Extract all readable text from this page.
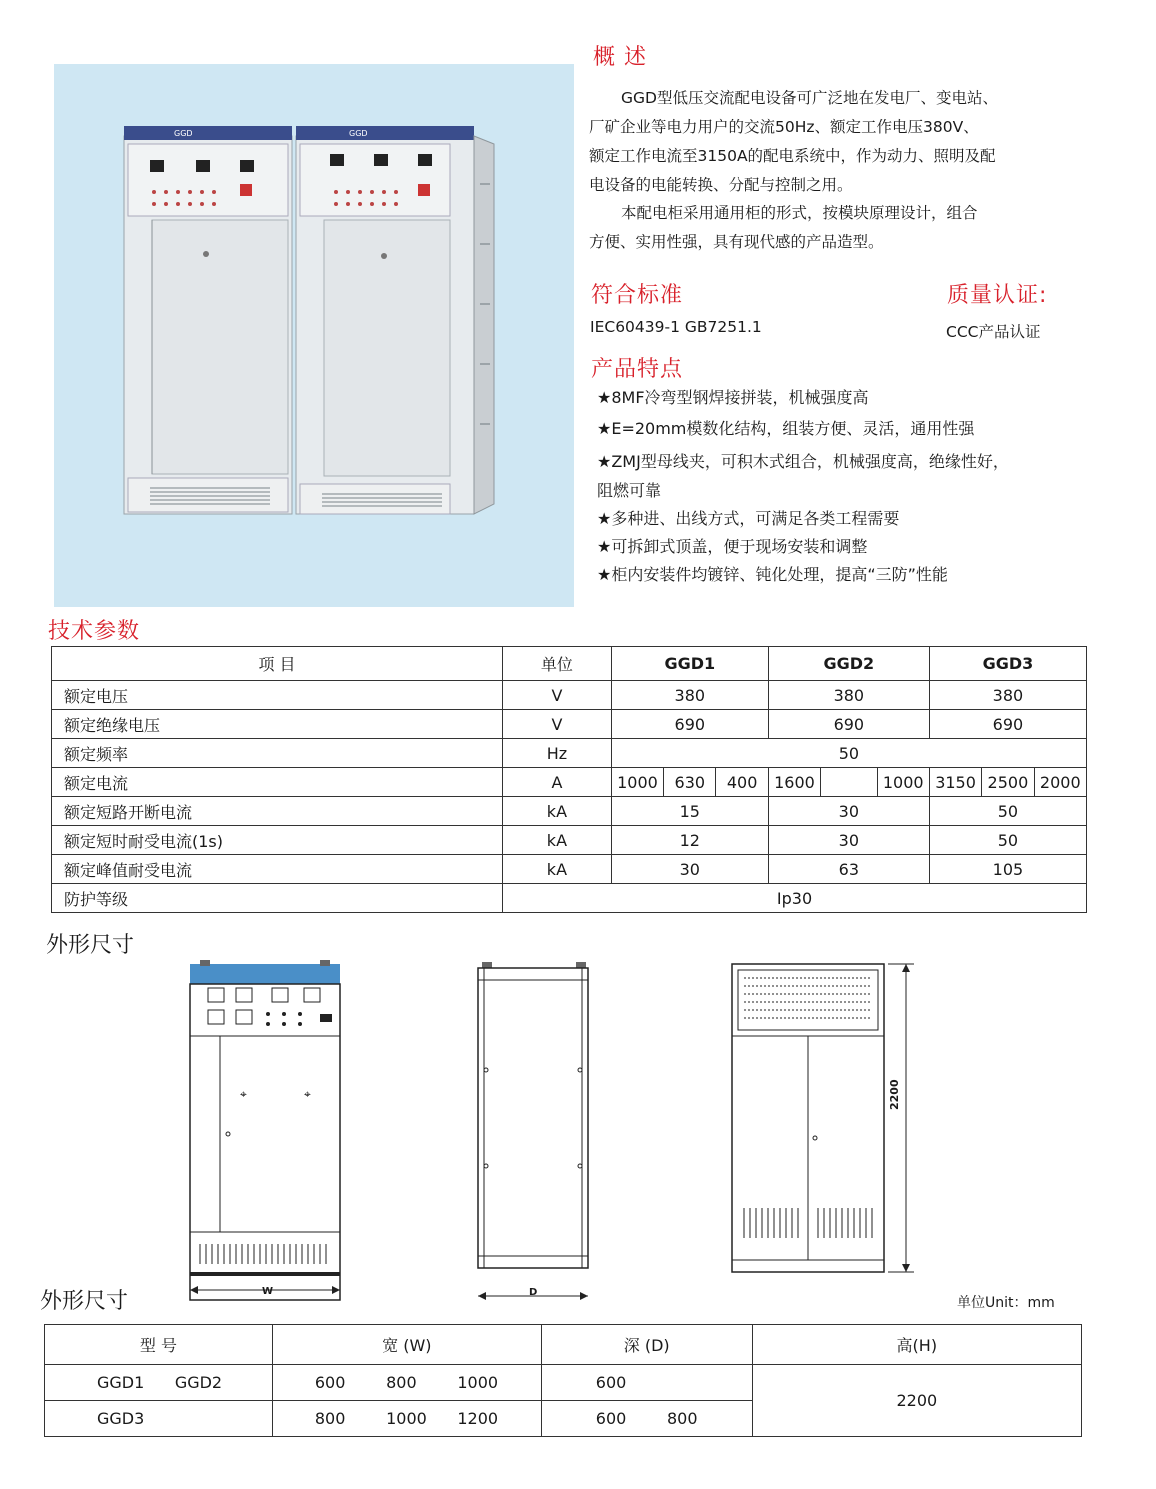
GGD	GGD
概 述
GGD型低压交流配电设备可广泛地在发电厂、变电站、
厂矿企业等电力用户的交流50Hz、额定工作电压380V、
额定工作电流至3150A的配电系统中，作为动力、照明及配
电设备的电能转换、分配与控制之用。
本配电柜采用通用柜的形式，按模块原理设计，组合
方便、实用性强，具有现代感的产品造型。
符合标准
IEC60439-1 GB7251.1
质量认证:
CCC产品认证
产品特点
★8MF冷弯型钢焊接拼装，机械强度高
★E=20mm模数化结构，组装方便、灵活，通用性强
★ZMJ型母线夹，可积木式组合，机械强度高，绝缘性好，
阻燃可靠
★多种进、出线方式，可满足各类工程需要
★可拆卸式顶盖，便于现场安装和调整
★柜内安装件均镀锌、钝化处理，提高“三防”性能
技术参数
项 目	单位	GGD1			GGD2			GGD3		
额定电压	V	380			380			380		
额定绝缘电压	V	690			690			690		
额定频率	Hz	50								
额定电流	A	1000	630	400	1600		1000	3150	2500	2000
额定短路开断电流	kA	15			30			50		
额定短时耐受电流(1s)	kA	12			30			50		
额定峰值耐受电流	kA	30			63			105		
防护等级	Ip30									
外形尺寸
⌖	⌖
W	D
2200
外形尺寸	单位Unit：mm
型 号	宽 (W)	深 (D)	高(H)
GGD1      GGD2	600        800        1000	600	2200
GGD3	800        1000      1200	600        800	
